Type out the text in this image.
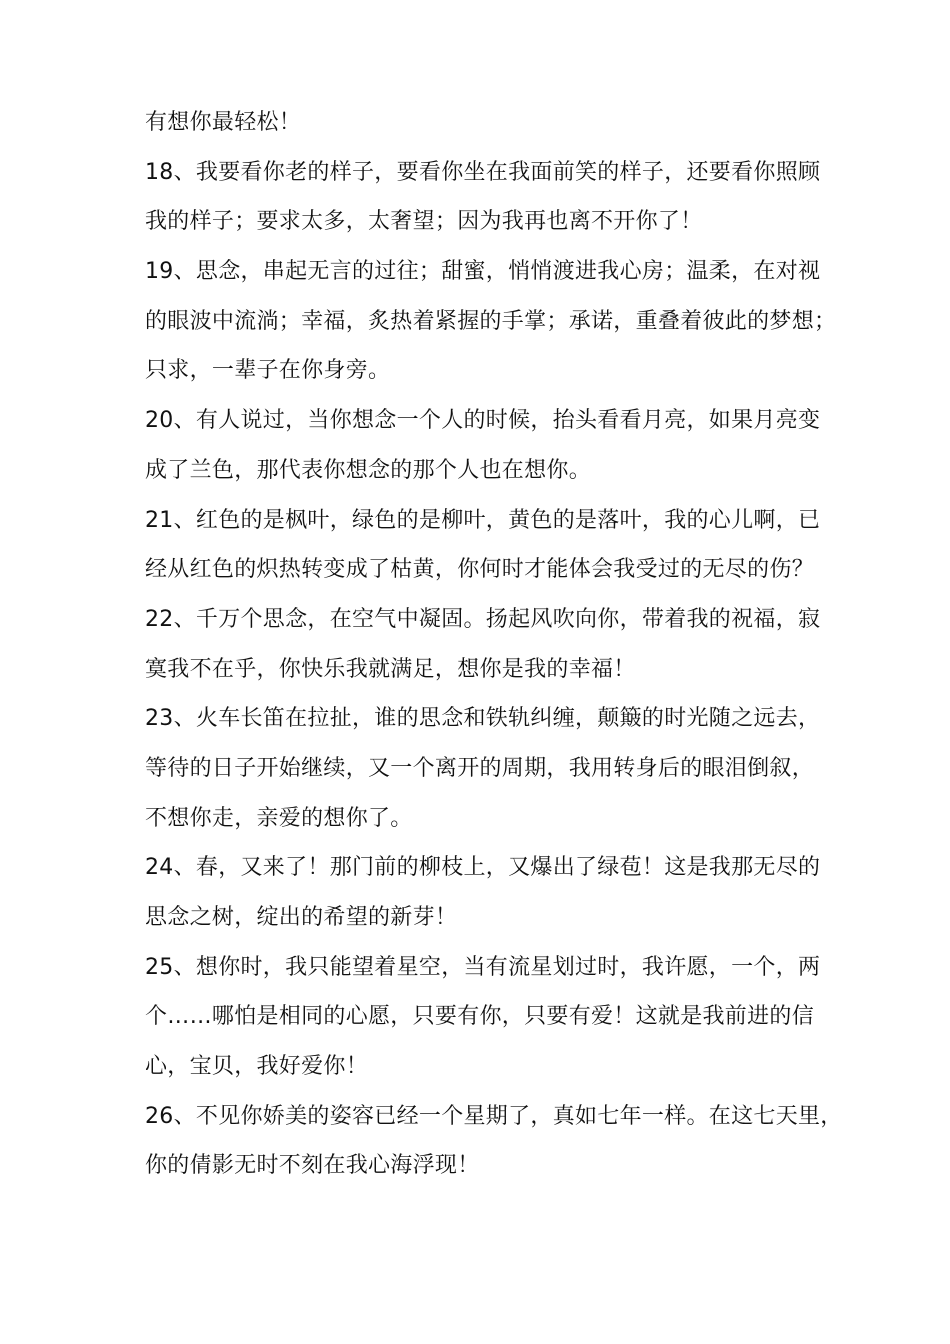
有想你最轻松！
18、我要看你老的样子，要看你坐在我面前笑的样子，还要看你照顾
我的样子；要求太多，太奢望；因为我再也离不开你了！
19、思念，串起无言的过往；甜蜜，悄悄渡进我心房；温柔，在对视
的眼波中流淌；幸福，炙热着紧握的手掌；承诺，重叠着彼此的梦想；
只求，一辈子在你身旁。
20、有人说过，当你想念一个人的时候，抬头看看月亮，如果月亮变
成了兰色，那代表你想念的那个人也在想你。
21、红色的是枫叶，绿色的是柳叶，黄色的是落叶，我的心儿啊，已
经从红色的炽热转变成了枯黄，你何时才能体会我受过的无尽的伤？
22、千万个思念，在空气中凝固。扬起风吹向你，带着我的祝福，寂
寞我不在乎，你快乐我就满足，想你是我的幸福！
23、火车长笛在拉扯，谁的思念和铁轨纠缠，颠簸的时光随之远去，
等待的日子开始继续，又一个离开的周期，我用转身后的眼泪倒叙，
不想你走，亲爱的想你了。
24、春，又来了！那门前的柳枝上，又爆出了绿苞！这是我那无尽的
思念之树，绽出的希望的新芽！
25、想你时，我只能望着星空，当有流星划过时，我许愿，一个，两
个……哪怕是相同的心愿，只要有你，只要有爱！这就是我前进的信
心，宝贝，我好爱你！
26、不见你娇美的姿容已经一个星期了，真如七年一样。在这七天里，
你的倩影无时不刻在我心海浮现！
